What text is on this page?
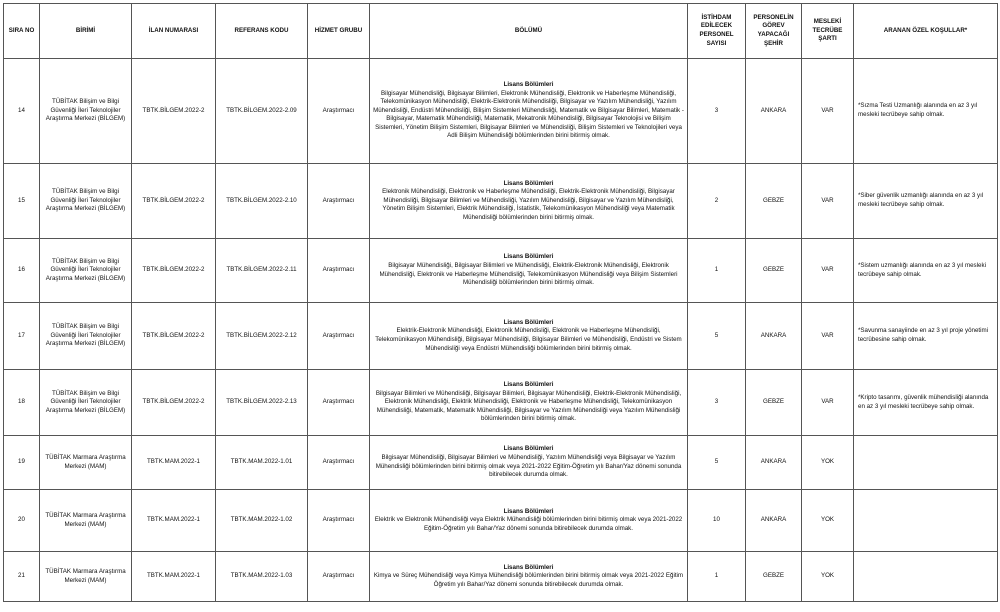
SIRA NO	BİRİMİ	İLAN NUMARASI	REFERANS KODU	HİZMET GRUBU	BÖLÜMÜ	İSTİHDAM EDİLECEK PERSONEL SAYISI	PERSONELİN GÖREV YAPACAĞI ŞEHİR	MESLEKİ TECRÜBE ŞARTI	ARANAN ÖZEL KOŞULLAR*
14	TÜBİTAK Bilişim ve Bilgi Güvenliği İleri Teknolojiler Araştırma Merkezi (BİLGEM)	TBTK.BİLGEM.2022-2	TBTK.BİLGEM.2022-2.09	Araştırmacı	Lisans Bölümleri
Bilgisayar Mühendisliği, Bilgisayar Bilimleri, Elektronik Mühendisliği, Elektronik ve Haberleşme Mühendisliği, Telekomünikasyon Mühendisliği, Elektrik-Elektronik Mühendisliği, Bilgisayar ve Yazılım Mühendisliği, Yazılım Mühendisliği, Endüstri Mühendisliği, Bilişim Sistemleri Mühendisliği, Matematik ve Bilgisayar Bilimleri, Matematik - Bilgisayar, Matematik Mühendisliği, Matematik, Mekatronik Mühendisliği, Bilgisayar Teknolojisi ve Bilişim Sistemleri, Yönetim Bilişim Sistemleri, Bilgisayar Bilimleri ve Mühendisliği, Bilişim Sistemleri ve Teknolojileri veya Adli Bilişim Mühendisliği bölümlerinden birini bitirmiş olmak.	3	ANKARA	VAR	*Sızma Testi Uzmanlığı alanında en az 3 yıl mesleki tecrübeye sahip olmak.
15	TÜBİTAK Bilişim ve Bilgi Güvenliği İleri Teknolojiler Araştırma Merkezi (BİLGEM)	TBTK.BİLGEM.2022-2	TBTK.BİLGEM.2022-2.10	Araştırmacı	Lisans Bölümleri
Elektronik Mühendisliği, Elektronik ve Haberleşme Mühendisliği, Elektrik-Elektronik Mühendisliği, Bilgisayar Mühendisliği, Bilgisayar Bilimleri ve Mühendisliği, Yazılım Mühendisliği, Bilgisayar ve Yazılım Mühendisliği, Yönetim Bilişim Sistemleri, Elektrik Mühendisliği, İstatistik, Telekomünikasyon Mühendisliği veya Matematik Mühendisliği bölümlerinden birini bitirmiş olmak.	2	GEBZE	VAR	*Siber güvenlik uzmanlığı alanında en az 3 yıl mesleki tecrübeye sahip olmak.
16	TÜBİTAK Bilişim ve Bilgi Güvenliği İleri Teknolojiler Araştırma Merkezi (BİLGEM)	TBTK.BİLGEM.2022-2	TBTK.BİLGEM.2022-2.11	Araştırmacı	Lisans Bölümleri
Bilgisayar Mühendisliği, Bilgisayar Bilimleri ve Mühendisliği, Elektrik-Elektronik Mühendisliği, Elektronik Mühendisliği, Elektronik ve Haberleşme Mühendisliği, Telekomünikasyon Mühendisliği veya Bilişim Sistemleri Mühendisliği bölümlerinden birini bitirmiş olmak.	1	GEBZE	VAR	*Sistem uzmanlığı alanında en az 3 yıl mesleki tecrübeye sahip olmak.
17	TÜBİTAK Bilişim ve Bilgi Güvenliği İleri Teknolojiler Araştırma Merkezi (BİLGEM)	TBTK.BİLGEM.2022-2	TBTK.BİLGEM.2022-2.12	Araştırmacı	Lisans Bölümleri
Elektrik-Elektronik Mühendisliği, Elektronik Mühendisliği, Elektronik ve Haberleşme Mühendisliği, Telekomünikasyon Mühendisliği, Bilgisayar Mühendisliği, Bilgisayar Bilimleri ve Mühendisliği, Endüstri ve Sistem Mühendisliği veya Endüstri Mühendisliği bölümlerinden birini bitirmiş olmak.	5	ANKARA	VAR	*Savunma sanayiinde en az 3 yıl proje yönetimi tecrübesine sahip olmak.
18	TÜBİTAK Bilişim ve Bilgi Güvenliği İleri Teknolojiler Araştırma Merkezi (BİLGEM)	TBTK.BİLGEM.2022-2	TBTK.BİLGEM.2022-2.13	Araştırmacı	Lisans Bölümleri
Bilgisayar Bilimleri ve Mühendisliği, Bilgisayar Bilimleri, Bilgisayar Mühendisliği, Elektrik-Elektronik Mühendisliği, Elektronik Mühendisliği, Elektrik Mühendisliği, Elektronik ve Haberleşme Mühendisliği, Telekomünikasyon Mühendisliği, Matematik, Matematik Mühendisliği, Bilgisayar ve Yazılım Mühendisliği veya Yazılım Mühendisliği bölümlerinden birini bitirmiş olmak.	3	GEBZE	VAR	*Kripto tasarımı, güvenlik mühendisliği alanında en az 3 yıl mesleki tecrübeye sahip olmak.
19	TÜBİTAK Marmara Araştırma Merkezi (MAM)	TBTK.MAM.2022-1	TBTK.MAM.2022-1.01	Araştırmacı	Lisans Bölümleri
Bilgisayar Mühendisliği, Bilgisayar Bilimleri ve Mühendisliği, Yazılım Mühendisliği veya Bilgisayar ve Yazılım Mühendisliği bölümlerinden birini bitirmiş olmak veya 2021-2022 Eğitim-Öğretim yılı Bahar/Yaz dönemi sonunda bitirebilecek durumda olmak.	5	ANKARA	YOK	
20	TÜBİTAK Marmara Araştırma Merkezi (MAM)	TBTK.MAM.2022-1	TBTK.MAM.2022-1.02	Araştırmacı	Lisans Bölümleri
Elektrik ve Elektronik Mühendisliği veya Elektrik Mühendisliği bölümlerinden birini bitirmiş olmak veya 2021-2022 Eğitim-Öğretim yılı Bahar/Yaz dönemi sonunda bitirebilecek durumda olmak.	10	ANKARA	YOK	
21	TÜBİTAK Marmara Araştırma Merkezi (MAM)	TBTK.MAM.2022-1	TBTK.MAM.2022-1.03	Araştırmacı	Lisans Bölümleri
Kimya ve Süreç Mühendisliği veya Kimya Mühendisliği bölümlerinden birini bitirmiş olmak veya 2021-2022 Eğitim Öğretim yılı Bahar/Yaz dönemi sonunda bitirebilecek durumda olmak.	1	GEBZE	YOK	
